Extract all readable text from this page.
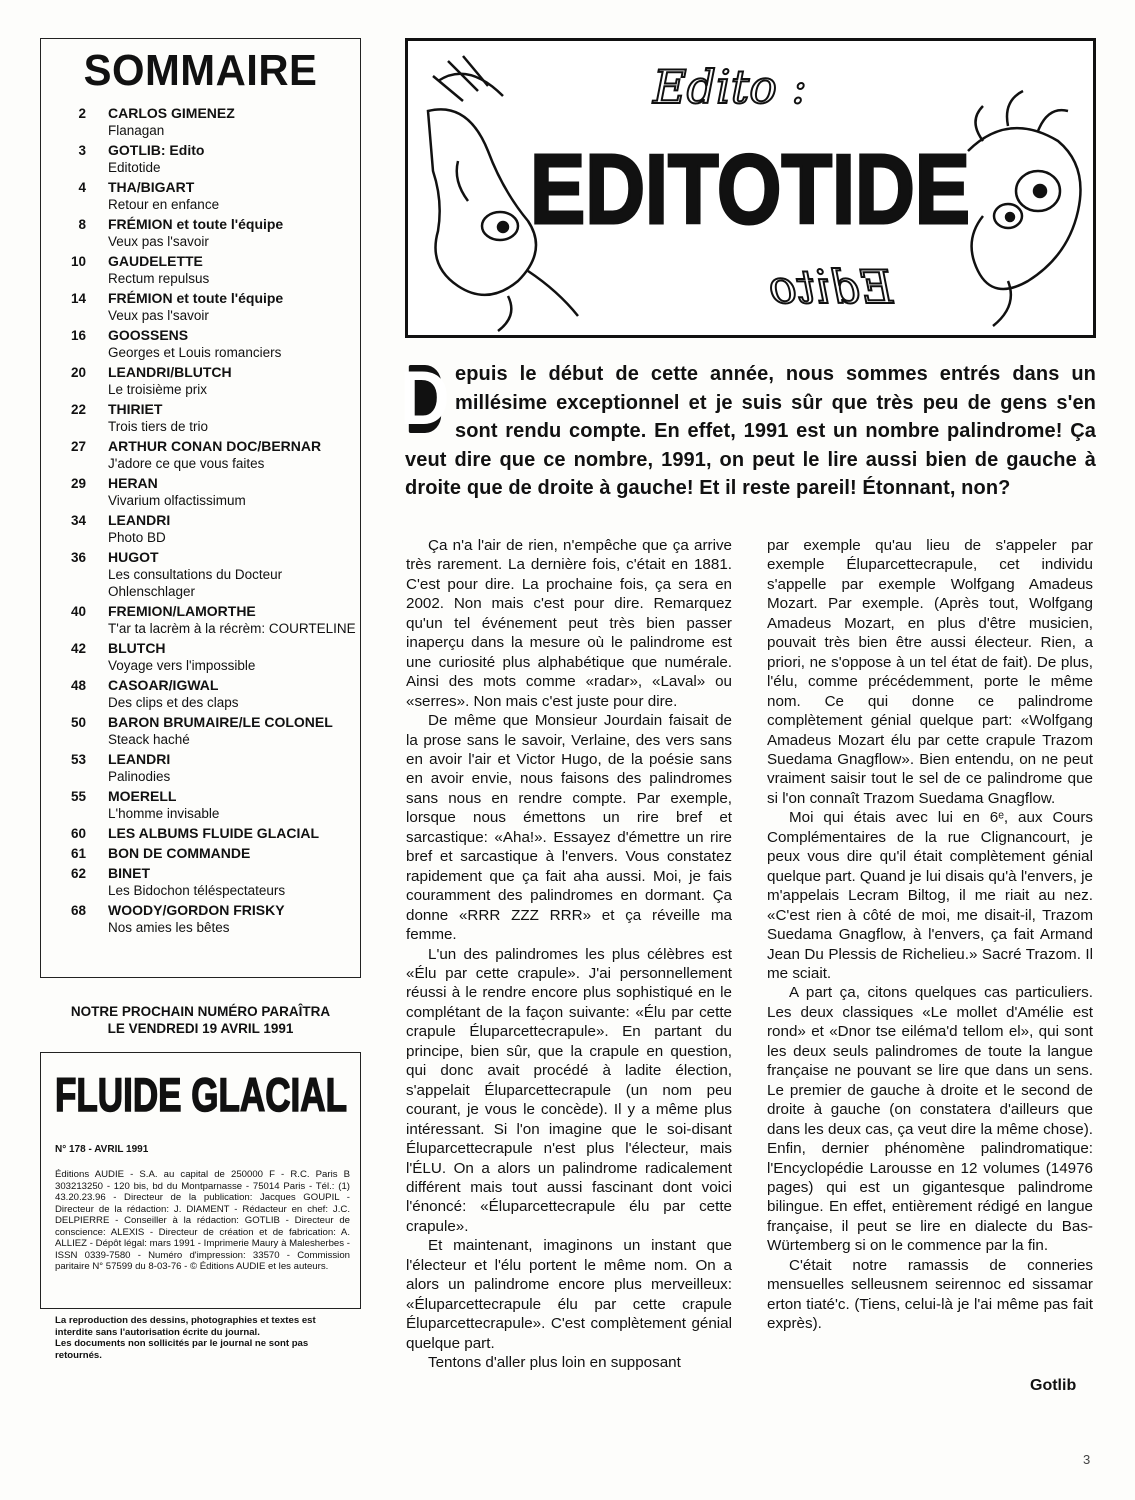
SOMMAIRE
2	CARLOS GIMENEZ
Flanagan
3	GOTLIB: Edito
Editotide
4	THA/BIGART
Retour en enfance
8	FRÉMION et toute l'équipe
Veux pas l'savoir
10	GAUDELETTE
Rectum repulsus
14	FRÉMION et toute l'équipe
Veux pas l'savoir
16	GOOSSENS
Georges et Louis romanciers
20	LEANDRI/BLUTCH
Le troisième prix
22	THIRIET
Trois tiers de trio
27	ARTHUR CONAN DOC/BERNAR
J'adore ce que vous faites
29	HERAN
Vivarium olfactissimum
34	LEANDRI
Photo BD
36	HUGOT
Les consultations du Docteur Ohlenschlager
40	FREMION/LAMORTHE
T'ar ta lacrèm à la récrèm: COURTELINE
42	BLUTCH
Voyage vers l'impossible
48	CASOAR/IGWAL
Des clips et des claps
50	BARON BRUMAIRE/LE COLONEL
Steack haché
53	LEANDRI
Palinodies
55	MOERELL
L'homme invisable
60	LES ALBUMS FLUIDE GLACIAL
61	BON DE COMMANDE
62	BINET
Les Bidochon téléspectateurs
68	WOODY/GORDON FRISKY
Nos amies les bêtes
NOTRE PROCHAIN NUMÉRO PARAÎTRA
LE VENDREDI 19 AVRIL 1991
FLUIDE GLACIAL
N° 178 - AVRIL 1991
Éditions AUDIE - S.A. au capital de 250000 F - R.C. Paris B 303213250 - 120 bis, bd du Montparnasse - 75014 Paris - Tél.: (1) 43.20.23.96 - Directeur de la publication: Jacques GOUPIL - Directeur de la rédaction: J. DIAMENT - Rédacteur en chef: J.C. DELPIERRE - Conseiller à la rédaction: GOTLIB - Directeur de conscience: ALEXIS - Directeur de création et de fabrication: A. ALLIEZ - Dépôt légal: mars 1991 - Imprimerie Maury à Malesherbes - ISSN 0339-7580 - Numéro d'impression: 33570 - Commission paritaire N° 57599 du 8-03-76 - © Éditions AUDIE et les auteurs.
La reproduction des dessins, photographies et textes est interdite sans l'autorisation écrite du journal.
Les documents non sollicités par le journal ne sont pas retournés.
Edito :
EDITOTIDE
Edito
D epuis le début de cette année, nous sommes entrés dans un millésime exceptionnel et je suis sûr que très peu de gens s'en sont rendu compte. En effet, 1991 est un nombre palindrome! Ça veut dire que ce nombre, 1991, on peut le lire aussi bien de gauche à droite que de droite à gauche! Et il reste pareil! Étonnant, non?

Ça n'a l'air de rien, n'empêche que ça arrive très rarement. La dernière fois, c'était en 1881. C'est pour dire. La prochaine fois, ça sera en 2002. Non mais c'est pour dire. Remarquez qu'un tel événement peut très bien passer inaperçu dans la mesure où le palindrome est une curiosité plus alphabétique que numérale. Ainsi des mots comme «radar», «Laval» ou «serres». Non mais c'est juste pour dire.

De même que Monsieur Jourdain faisait de la prose sans le savoir, Verlaine, des vers sans en avoir l'air et Victor Hugo, de la poésie sans en avoir envie, nous faisons des palindromes sans nous en rendre compte. Par exemple, lorsque nous émettons un rire bref et sarcastique: «Aha!». Essayez d'émettre un rire bref et sarcastique à l'envers. Vous constatez rapidement que ça fait aha aussi. Moi, je fais couramment des palindromes en dormant. Ça donne «RRR ZZZ RRR» et ça réveille ma femme.

L'un des palindromes les plus célèbres est «Élu par cette crapule». J'ai personnellement réussi à le rendre encore plus sophistiqué en le complétant de la façon suivante: «Élu par cette crapule Éluparcettecrapule». En partant du principe, bien sûr, que la crapule en question, qui donc avait procédé à ladite élection, s'appelait Éluparcettecrapule (un nom peu courant, je vous le concède). Il y a même plus intéressant. Si l'on imagine que le soi-disant Éluparcettecrapule n'est plus l'électeur, mais l'ÉLU. On a alors un palindrome radicalement différent mais tout aussi fascinant dont voici l'énoncé: «Éluparcettecrapule élu par cette crapule».

Et maintenant, imaginons un instant que l'électeur et l'élu portent le même nom. On a alors un palindrome encore plus merveilleux: «Éluparcettecrapule élu par cette crapule Éluparcettecrapule». C'est complètement génial quelque part.

Tentons d'aller plus loin en supposant

par exemple qu'au lieu de s'appeler par exemple Éluparcettecrapule, cet individu s'appelle par exemple Wolfgang Amadeus Mozart. Par exemple. (Après tout, Wolfgang Amadeus Mozart, en plus d'être musicien, pouvait très bien être aussi électeur. Rien, a priori, ne s'oppose à un tel état de fait). De plus, l'élu, comme précédemment, porte le même nom. Ce qui donne ce palindrome complètement génial quelque part: «Wolfgang Amadeus Mozart élu par cette crapule Trazom Suedama Gnagflow». Bien entendu, on ne peut vraiment saisir tout le sel de ce palindrome que si l'on connaît Trazom Suedama Gnagflow.

Moi qui étais avec lui en 6ᵉ, aux Cours Complémentaires de la rue Clignancourt, je peux vous dire qu'il était complètement génial quelque part. Quand je lui disais qu'à l'envers, je m'appelais Lecram Biltog, il me riait au nez. «C'est rien à côté de moi, me disait-il, Trazom Suedama Gnagflow, à l'envers, ça fait Armand Jean Du Plessis de Richelieu.» Sacré Trazom. Il me sciait.

A part ça, citons quelques cas particuliers. Les deux classiques «Le mollet d'Amélie est rond» et «Dnor tse eiléma'd tellom el», qui sont les deux seuls palindromes de toute la langue française ne pouvant se lire que dans un sens. Le premier de gauche à droite et le second de droite à gauche (on constatera d'ailleurs que dans les deux cas, ça veut dire la même chose). Enfin, dernier phénomène palindromatique: l'Encyclopédie Larousse en 12 volumes (14976 pages) qui est un gigantesque palindrome bilingue. En effet, entièrement rédigé en langue française, il peut se lire en dialecte du Bas-Würtemberg si on le commence par la fin.

C'était notre ramassis de conneries mensuelles selleusnem seirennoc ed sissamar erton tiaté'c. (Tiens, celui-là je l'ai même pas fait exprès).

Gotlib
3
